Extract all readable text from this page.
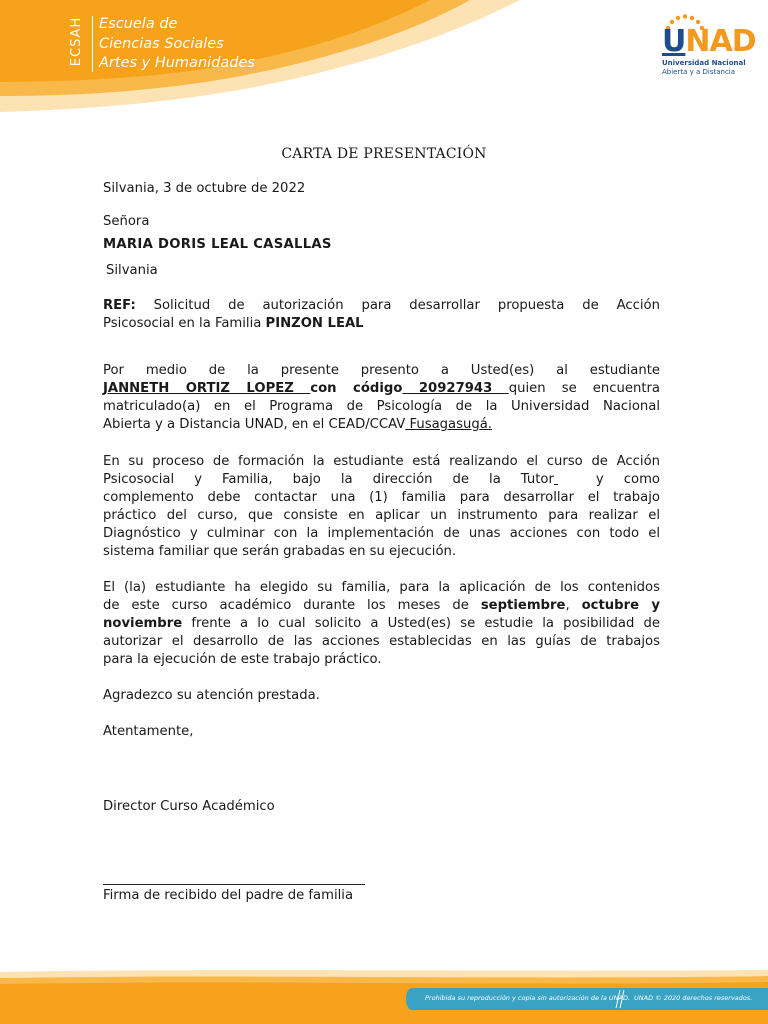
ECSAH Escuela de
Ciencias Sociales
Artes y Humanidades
UNAD
Universidad Nacional
Abierta y a Distancia
CARTA DE PRESENTACIÓN
Silvania, 3 de octubre de 2022
Señora
MARIA DORIS LEAL CASALLAS
Silvania
REF: Solicitud de autorización para desarrollar propuesta de Acción
Psicosocial en la Familia PINZON LEAL
Por medio de la presente presento a Usted(es) al estudiante
JANNETH ORTIZ LOPEZ con código 20927943 quien se encuentra
matriculado(a) en el Programa de Psicología de la Universidad Nacional
Abierta y a Distancia UNAD, en el CEAD/CCAV Fusagasugá.
En su proceso de formación la estudiante está realizando el curso de Acción
Psicosocial y Familia, bajo la dirección de la Tutor	y como
complemento debe contactar una (1) familia para desarrollar el trabajo
práctico del curso, que consiste en aplicar un instrumento para realizar el
Diagnóstico y culminar con la implementación de unas acciones con todo el
sistema familiar que serán grabadas en su ejecución.
El (la) estudiante ha elegido su familia, para la aplicación de los contenidos
de este curso académico durante los meses de septiembre, octubre y
noviembre frente a lo cual solicito a Usted(es) se estudie la posibilidad de
autorizar el desarrollo de las acciones establecidas en las guías de trabajos
para la ejecución de este trabajo práctico.
Agradezco su atención prestada.
Atentamente,
Director Curso Académico
Firma de recibido del padre de familia
Prohibida su reproducción y copia sin autorización de la UNAD. UNAD © 2020 derechos reservados.
